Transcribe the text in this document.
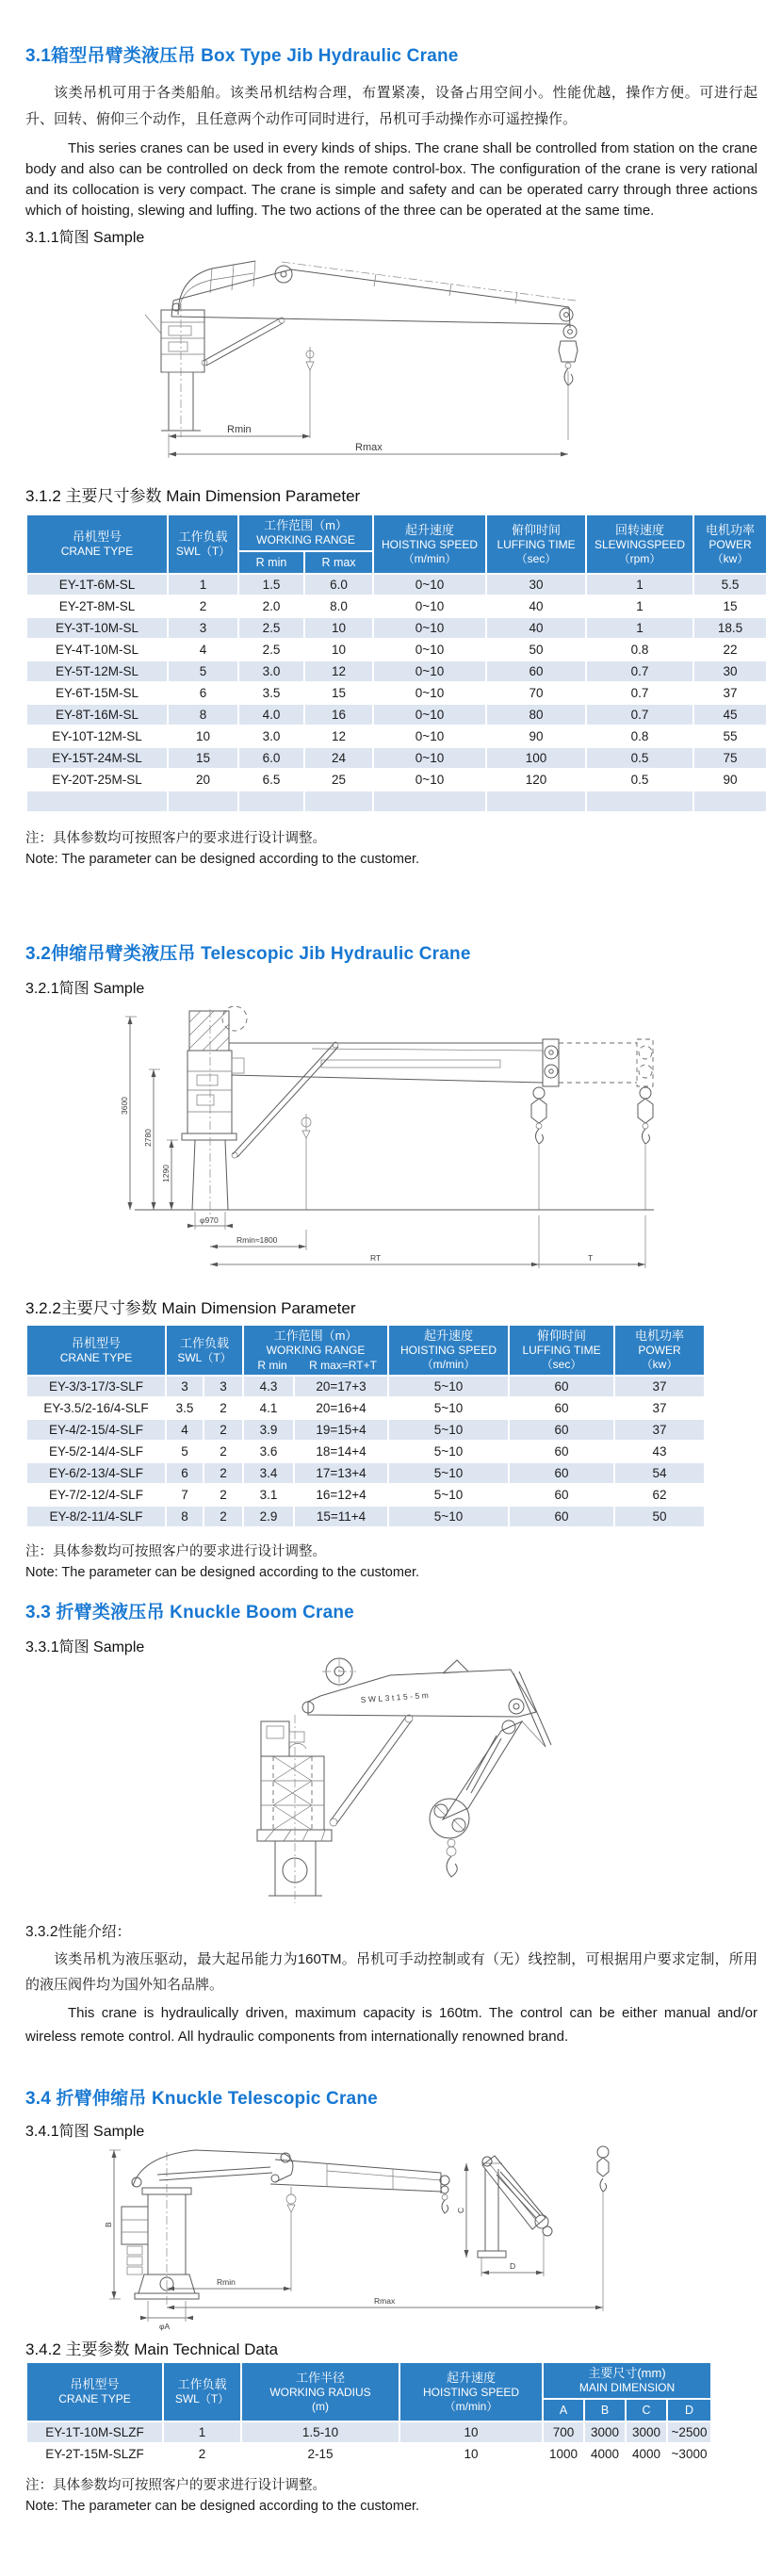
3.1箱型吊臂类液压吊 Box Type Jib Hydraulic Crane

该类吊机可用于各类船舶。该类吊机结构合理，布置紧凑，设备占用空间小。性能优越，操作方便。可进行起升、回转、俯仰三个动作，且任意两个动作可同时进行，吊机可手动操作亦可遥控操作。

This series cranes can be used in every kinds of ships. The crane shall be controlled from station on the crane body and also can be controlled on deck from the remote control-box. The configuration of the crane is very rational and its collocation is very compact. The crane is simple and safety and can be operated carry through three actions which of hoisting, slewing and luffing. The two actions of the three can be operated at the same time.

3.1.1简图 Sample
Rmin
Rmax
3.1.2 主要尺寸参数 Main Dimension Parameter
吊机型号
CRANE TYPE	工作负载
SWL（T）	工作范围（m）
WORKING RANGE		起升速度
HOISTING SPEED
（m/min）	俯仰时间
LUFFING TIME
（sec）	回转速度
SLEWINGSPEED
（rpm）	电机功率
POWER
（kw）

		R min	R max				
EY-1T-6M-SL	1	1.5	6.0	0~10	30	1	5.5
EY-2T-8M-SL	2	2.0	8.0	0~10	40	1	15
EY-3T-10M-SL	3	2.5	10	0~10	40	1	18.5
EY-4T-10M-SL	4	2.5	10	0~10	50	0.8	22
EY-5T-12M-SL	5	3.0	12	0~10	60	0.7	30
EY-6T-15M-SL	6	3.5	15	0~10	70	0.7	37
EY-8T-16M-SL	8	4.0	16	0~10	80	0.7	45
EY-10T-12M-SL	10	3.0	12	0~10	90	0.8	55
EY-15T-24M-SL	15	6.0	24	0~10	100	0.5	75
EY-20T-25M-SL	20	6.5	25	0~10	120	0.5	90

注：具体参数均可按照客户的要求进行设计调整。

Note: The parameter can be designed according to the customer.

3.2伸缩吊臂类液压吊 Telescopic Jib Hydraulic Crane
3.2.1简图 Sample
3600
2780
1290
φ970
Rmin≈1800
RT	T
3.2.2主要尺寸参数 Main Dimension Parameter
吊机型号
CRANE TYPE	工作负载
SWL（T）		工作范围（m）
WORKING RANGE
R min R max=RT+T		起升速度
HOISTING SPEED
（m/min）	俯仰时间
LUFFING TIME
（sec）	电机功率
POWER
（kw）

EY-3/3-17/3-SLF	3	3	4.3	20=17+3	5~10	60	37
EY-3.5/2-16/4-SLF	3.5	2	4.1	20=16+4	5~10	60	37
EY-4/2-15/4-SLF	4	2	3.9	19=15+4	5~10	60	37
EY-5/2-14/4-SLF	5	2	3.6	18=14+4	5~10	60	43
EY-6/2-13/4-SLF	6	2	3.4	17=13+4	5~10	60	54
EY-7/2-12/4-SLF	7	2	3.1	16=12+4	5~10	60	62
EY-8/2-11/4-SLF	8	2	2.9	15=11+4	5~10	60	50

注：具体参数均可按照客户的要求进行设计调整。

Note: The parameter can be designed according to the customer.

3.3 折臂类液压吊 Knuckle Boom Crane
3.3.1简图 Sample
SWL3t15-5m
3.3.2性能介绍：

该类吊机为液压驱动，最大起吊能力为160TM。吊机可手动控制或有（无）线控制，可根据用户要求定制，所用的液压阀件均为国外知名品牌。

This crane is hydraulically driven, maximum capacity is 160tm. The control can be either manual and/or wireless remote control. All hydraulic components from internationally renowned brand.

3.4 折臂伸缩吊 Knuckle Telescopic Crane
3.4.1简图 Sample
B
Rmin
Rmax
φA
C
D
3.4.2 主要参数 Main Technical Data
吊机型号
CRANE TYPE	工作负载
SWL（T）	工作半径
WORKING RADIUS
(m)	起升速度
HOISTING SPEED
（m/min）	主要尺寸(mm)
MAIN DIMENSION			

				A	B	C	D
EY-1T-10M-SLZF	1	1.5-10	10	700	3000	3000	~2500
EY-2T-15M-SLZF	2	2-15	10	1000	4000	4000	~3000

注：具体参数均可按照客户的要求进行设计调整。

Note: The parameter can be designed according to the customer.
